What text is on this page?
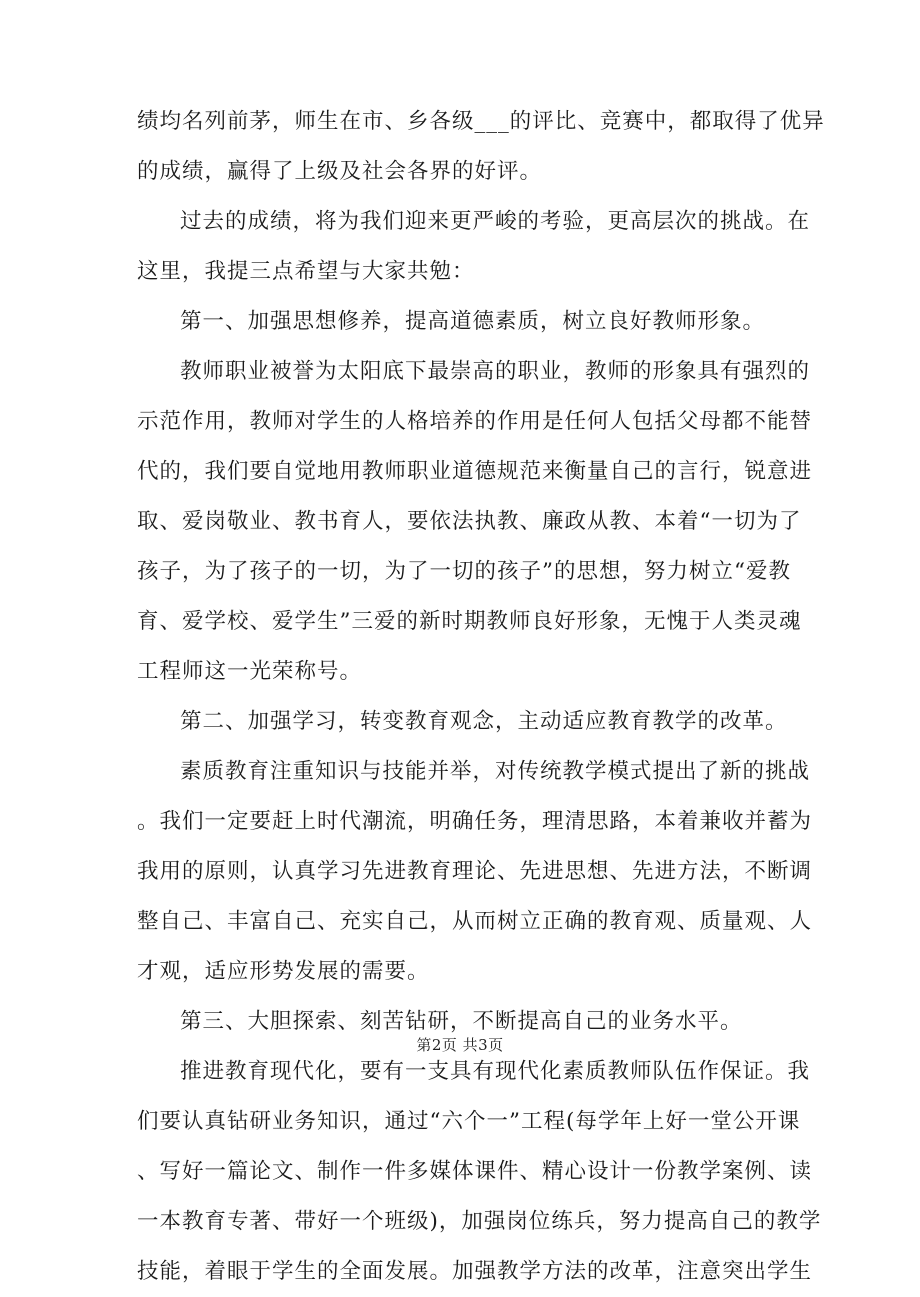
绩均名列前茅，师生在市、乡各级___的评比、竞赛中，都取得了优异
的成绩，赢得了上级及社会各界的好评。
过去的成绩，将为我们迎来更严峻的考验，更高层次的挑战。在
这里，我提三点希望与大家共勉：
第一、加强思想修养，提高道德素质，树立良好教师形象。
教师职业被誉为太阳底下最崇高的职业，教师的形象具有强烈的
示范作用，教师对学生的人格培养的作用是任何人包括父母都不能替
代的，我们要自觉地用教师职业道德规范来衡量自己的言行，锐意进
取、爱岗敬业、教书育人，要依法执教、廉政从教、本着“一切为了
孩子，为了孩子的一切，为了一切的孩子”的思想，努力树立“爱教
育、爱学校、爱学生”三爱的新时期教师良好形象，无愧于人类灵魂
工程师这一光荣称号。
第二、加强学习，转变教育观念，主动适应教育教学的改革。
素质教育注重知识与技能并举，对传统教学模式提出了新的挑战
。我们一定要赶上时代潮流，明确任务，理清思路，本着兼收并蓄为
我用的原则，认真学习先进教育理论、先进思想、先进方法，不断调
整自己、丰富自己、充实自己，从而树立正确的教育观、质量观、人
才观，适应形势发展的需要。
第三、大胆探索、刻苦钻研，不断提高自己的业务水平。
推进教育现代化，要有一支具有现代化素质教师队伍作保证。我
们要认真钻研业务知识，通过“六个一”工程(每学年上好一堂公开课
、写好一篇论文、制作一件多媒体课件、精心设计一份教学案例、读
一本教育专著、带好一个班级)，加强岗位练兵，努力提高自己的教学
技能，着眼于学生的全面发展。加强教学方法的改革，注意突出学生
第2页 共3页
